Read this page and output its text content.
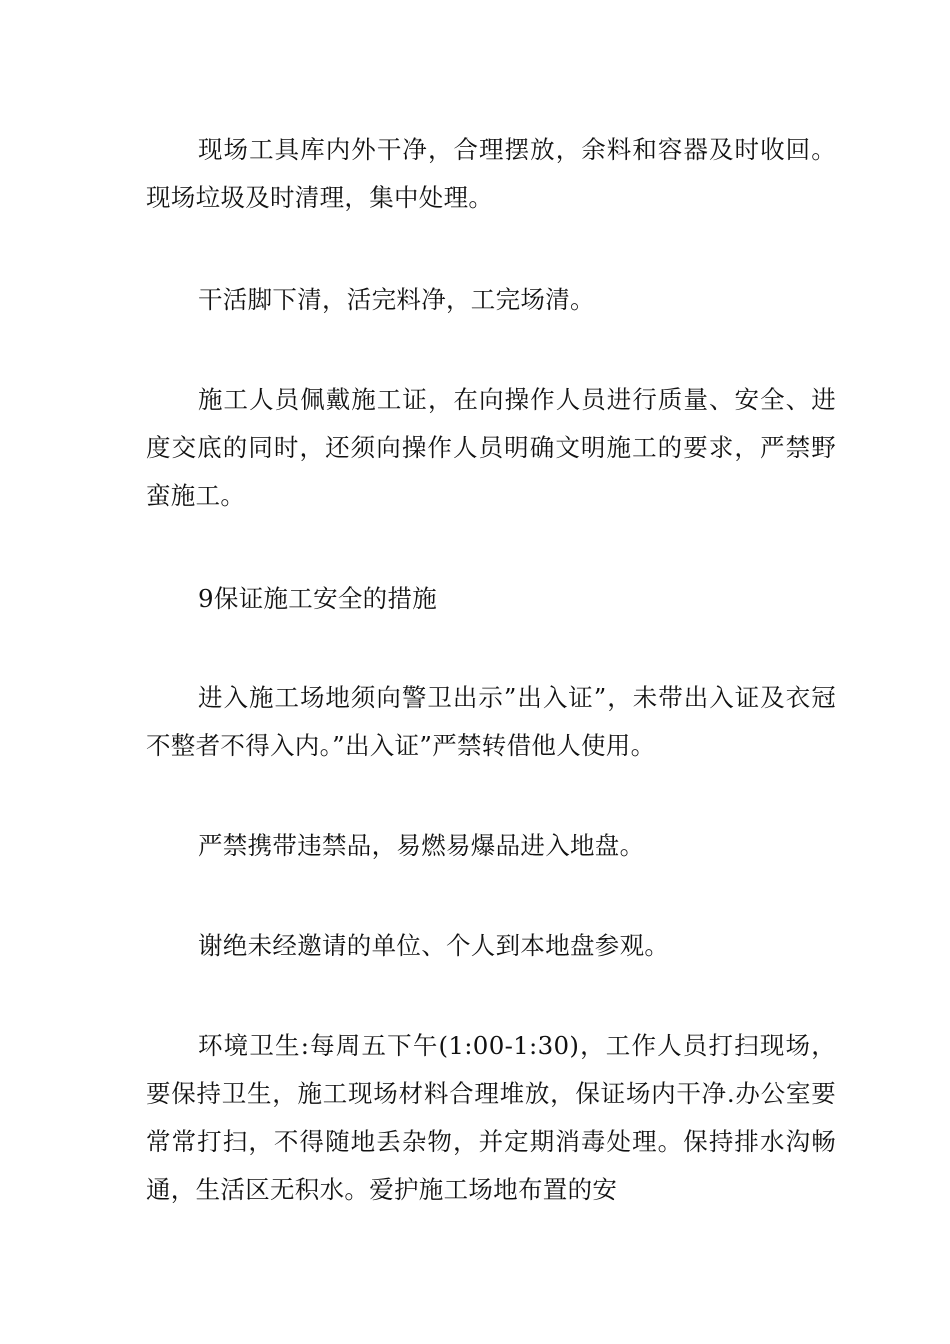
现场工具库内外干净，合理摆放，余料和容器及时收回。现场垃圾及时清理，集中处理。

干活脚下清，活完料净，工完场清。

施工人员佩戴施工证，在向操作人员进行质量、安全、进度交底的同时，还须向操作人员明确文明施工的要求，严禁野蛮施工。

9保证施工安全的措施

进入施工场地须向警卫出示”出入证”，未带出入证及衣冠不整者不得入内。”出入证”严禁转借他人使用。

严禁携带违禁品，易燃易爆品进入地盘。

谢绝未经邀请的单位、个人到本地盘参观。

环境卫生:每周五下午(1:00-1:30)，工作人员打扫现场，要保持卫生，施工现场材料合理堆放，保证场内干净.办公室要常常打扫，不得随地丢杂物，并定期消毒处理。保持排水沟畅通，生活区无积水。爱护施工场地布置的安
